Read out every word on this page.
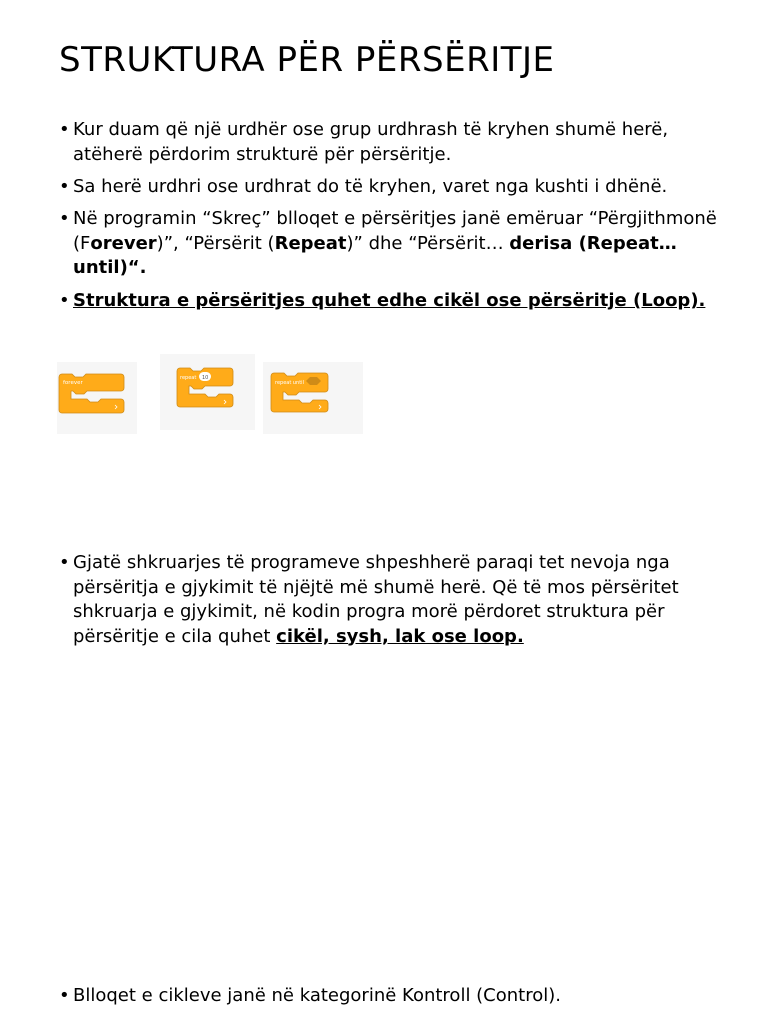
STRUKTURA PËR PËRSËRITJE
• Kur duam që një urdhër ose grup urdhrash të kryhen shumë herë, atëherë përdorim strukturë për përsëritje.
• Sa herë urdhri ose urdhrat do të kryhen, varet nga kushti i dhënë.
• Në programin “Skreç” blloqet e përsëritjes janë emëruar “Përgjithmonë (Forever)”, “Përsërit (Repeat)” dhe “Përsërit… derisa (Repeat… until)“.
• Struktura e përsëritjes quhet edhe cikël ose përsëritje (Loop).
forever
repeat 10
repeat until
• Gjatë shkruarjes të programeve shpeshherë paraqi tet nevoja nga përsëritja e gjykimit të njëjtë më shumë herë. Që të mos përsëritet shkruarja e gjykimit, në kodin progra morë përdoret struktura për përsëritje e cila quhet cikël, sysh, lak ose loop.
• Blloqet e cikleve janë në kategorinë Kontroll (Control).
